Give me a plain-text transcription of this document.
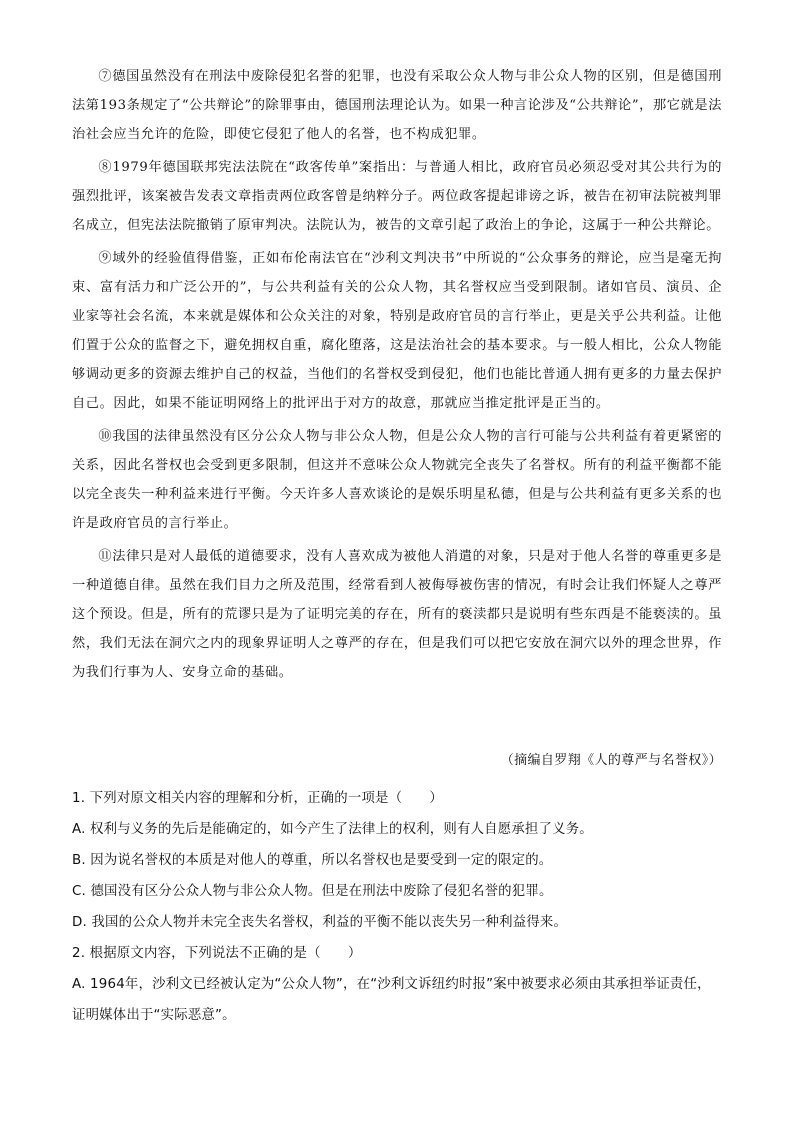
⑦德国虽然没有在刑法中废除侵犯名誉的犯罪，也没有采取公众人物与非公众人物的区别，但是德国刑法第193条规定了“公共辩论”的除罪事由，德国刑法理论认为。如果一种言论涉及“公共辩论”，那它就是法治社会应当允许的危险，即使它侵犯了他人的名誉，也不构成犯罪。

⑧1979年德国联邦宪法法院在“政客传单”案指出：与普通人相比，政府官员必须忍受对其公共行为的强烈批评，该案被告发表文章指责两位政客曾是纳粹分子。两位政客提起诽谤之诉，被告在初审法院被判罪名成立，但宪法法院撤销了原审判决。法院认为，被告的文章引起了政治上的争论，这属于一种公共辩论。

⑨域外的经验值得借鉴，正如布伦南法官在“沙利文判决书”中所说的“公众事务的辩论，应当是毫无拘束、富有活力和广泛公开的”，与公共利益有关的公众人物，其名誉权应当受到限制。诸如官员、演员、企业家等社会名流，本来就是媒体和公众关注的对象，特别是政府官员的言行举止，更是关乎公共利益。让他们置于公众的监督之下，避免拥权自重，腐化堕落，这是法治社会的基本要求。与一般人相比，公众人物能够调动更多的资源去维护自己的权益，当他们的名誉权受到侵犯，他们也能比普通人拥有更多的力量去保护自己。因此，如果不能证明网络上的批评出于对方的故意，那就应当推定批评是正当的。

⑩我国的法律虽然没有区分公众人物与非公众人物，但是公众人物的言行可能与公共利益有着更紧密的关系，因此名誉权也会受到更多限制，但这并不意味公众人物就完全丧失了名誉权。所有的利益平衡都不能以完全丧失一种利益来进行平衡。今天许多人喜欢谈论的是娱乐明星私德，但是与公共利益有更多关系的也许是政府官员的言行举止。

⑪法律只是对人最低的道德要求，没有人喜欢成为被他人消遣的对象，只是对于他人名誉的尊重更多是一种道德自律。虽然在我们目力之所及范围，经常看到人被侮辱被伤害的情况，有时会让我们怀疑人之尊严这个预设。但是，所有的荒谬只是为了证明完美的存在，所有的亵渎都只是说明有些东西是不能亵渎的。虽然，我们无法在洞穴之内的现象界证明人之尊严的存在，但是我们可以把它安放在洞穴以外的理念世界，作为我们行事为人、安身立命的基础。

（摘编自罗翔《人的尊严与名誉权》）

1. 下列对原文相关内容的理解和分析，正确的一项是（　　）

A. 权利与义务的先后是能确定的，如今产生了法律上的权利，则有人自愿承担了义务。

B. 因为说名誉权的本质是对他人的尊重，所以名誉权也是要受到一定的限定的。

C. 德国没有区分公众人物与非公众人物。但是在刑法中废除了侵犯名誉的犯罪。

D. 我国的公众人物并未完全丧失名誉权，利益的平衡不能以丧失另一种利益得来。

2. 根据原文内容，下列说法不正确的是（　　）

A. 1964年，沙利文已经被认定为“公众人物”，在“沙利文诉纽约时报”案中被要求必须由其承担举证责任，证明媒体出于“实际恶意”。
